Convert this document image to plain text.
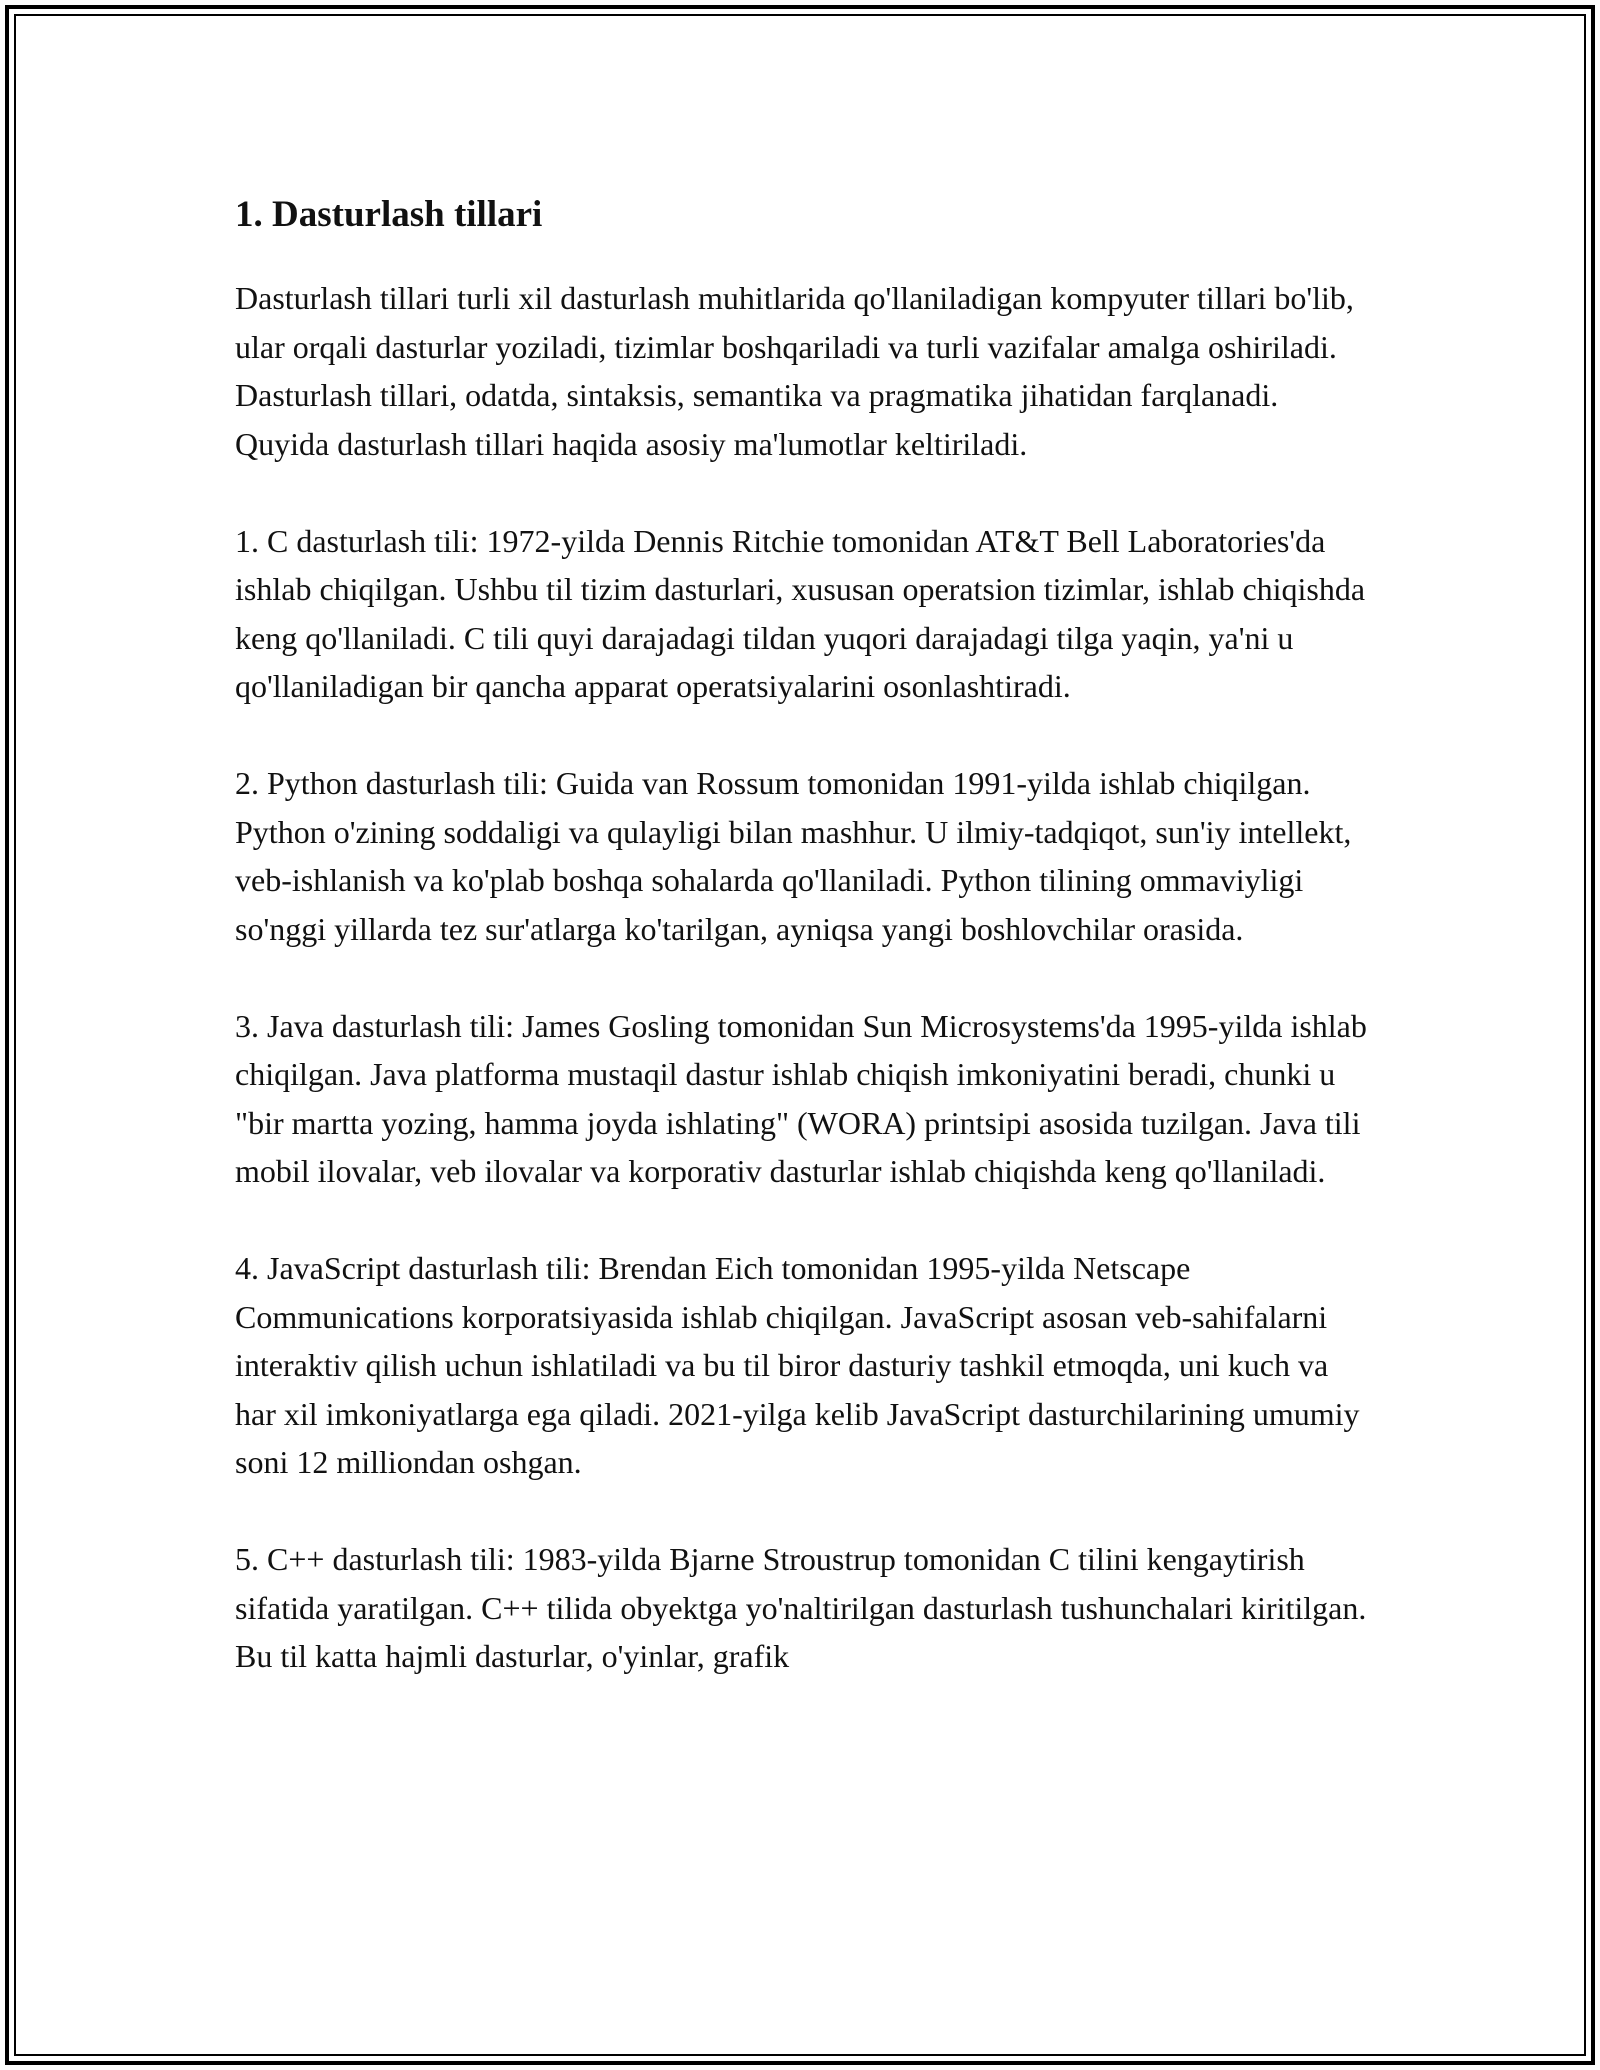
1. Dasturlash tillari

Dasturlash tillari turli xil dasturlash muhitlarida qo'llaniladigan kompyuter tillari bo'lib, ular orqali dasturlar yoziladi, tizimlar boshqariladi va turli vazifalar amalga oshiriladi. Dasturlash tillari, odatda, sintaksis, semantika va pragmatika jihatidan farqlanadi. Quyida dasturlash tillari haqida asosiy ma'lumotlar keltiriladi.

1. C dasturlash tili: 1972-yilda Dennis Ritchie tomonidan AT&T Bell Laboratories'da ishlab chiqilgan. Ushbu til tizim dasturlari, xususan operatsion tizimlar, ishlab chiqishda keng qo'llaniladi. C tili quyi darajadagi tildan yuqori darajadagi tilga yaqin, ya'ni u qo'llaniladigan bir qancha apparat operatsiyalarini osonlashtiradi.

2. Python dasturlash tili: Guida van Rossum tomonidan 1991-yilda ishlab chiqilgan. Python o'zining soddaligi va qulayligi bilan mashhur. U ilmiy-tadqiqot, sun'iy intellekt, veb-ishlanish va ko'plab boshqa sohalarda qo'llaniladi. Python tilining ommaviyligi so'nggi yillarda tez sur'atlarga ko'tarilgan, ayniqsa yangi boshlovchilar orasida.

3. Java dasturlash tili: James Gosling tomonidan Sun Microsystems'da 1995-yilda ishlab chiqilgan. Java platforma mustaqil dastur ishlab chiqish imkoniyatini beradi, chunki u "bir martta yozing, hamma joyda ishlating" (WORA) printsipi asosida tuzilgan. Java tili mobil ilovalar, veb ilovalar va korporativ dasturlar ishlab chiqishda keng qo'llaniladi.

4. JavaScript dasturlash tili: Brendan Eich tomonidan 1995-yilda Netscape Communications korporatsiyasida ishlab chiqilgan. JavaScript asosan veb-sahifalarni interaktiv qilish uchun ishlatiladi va bu til biror dasturiy tashkil etmoqda, uni kuch va har xil imkoniyatlarga ega qiladi. 2021-yilga kelib JavaScript dasturchilarining umumiy soni 12 milliondan oshgan.

5. C++ dasturlash tili: 1983-yilda Bjarne Stroustrup tomonidan C tilini kengaytirish sifatida yaratilgan. C++ tilida obyektga yo'naltirilgan dasturlash tushunchalari kiritilgan. Bu til katta hajmli dasturlar, o'yinlar, grafik
